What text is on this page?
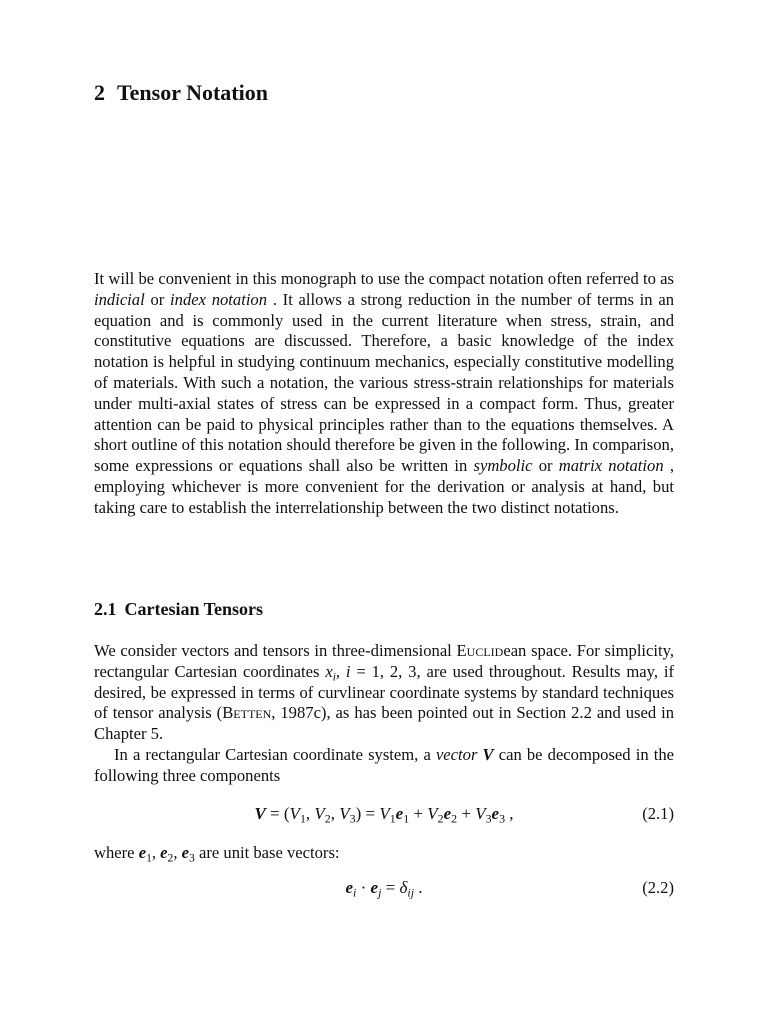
2 Tensor Notation

It will be convenient in this monograph to use the compact notation often referred to as indicial or index notation . It allows a strong reduction in the number of terms in an equation and is commonly used in the current literature when stress, strain, and constitutive equations are discussed. Therefore, a basic knowledge of the index notation is helpful in studying continuum mechanics, especially constitutive modelling of materials. With such a notation, the various stress-strain relationships for materials under multi-axial states of stress can be expressed in a compact form. Thus, greater attention can be paid to physical principles rather than to the equations themselves. A short outline of this notation should therefore be given in the following. In comparison, some expressions or equations shall also be written in symbolic or matrix notation , employing whichever is more convenient for the derivation or analysis at hand, but taking care to establish the interrelationship between the two distinct notations.

2.1 Cartesian Tensors
We consider vectors and tensors in three-dimensional Euclidean space. For simplicity, rectangular Cartesian coordinates $x_i$, i = 1, 2, 3, are used throughout. Results may, if desired, be expressed in terms of curvlinear coordinate systems by standard techniques of tensor analysis (Betten, 1987c), as has been pointed out in Section 2.2 and used in Chapter 5.
In a rectangular Cartesian coordinate system, a vector V can be decomposed in the following three components
$V = (V_1$, $V_2$, $V_3) = V_1e_1 + V_2e_2 + V_3e_3$ ,	(2.1)

where $e_1$, $e_2$, $e_3$ are unit base vectors:

$e_i \cdot e_j = \delta_{ij}$ .	(2.2)
